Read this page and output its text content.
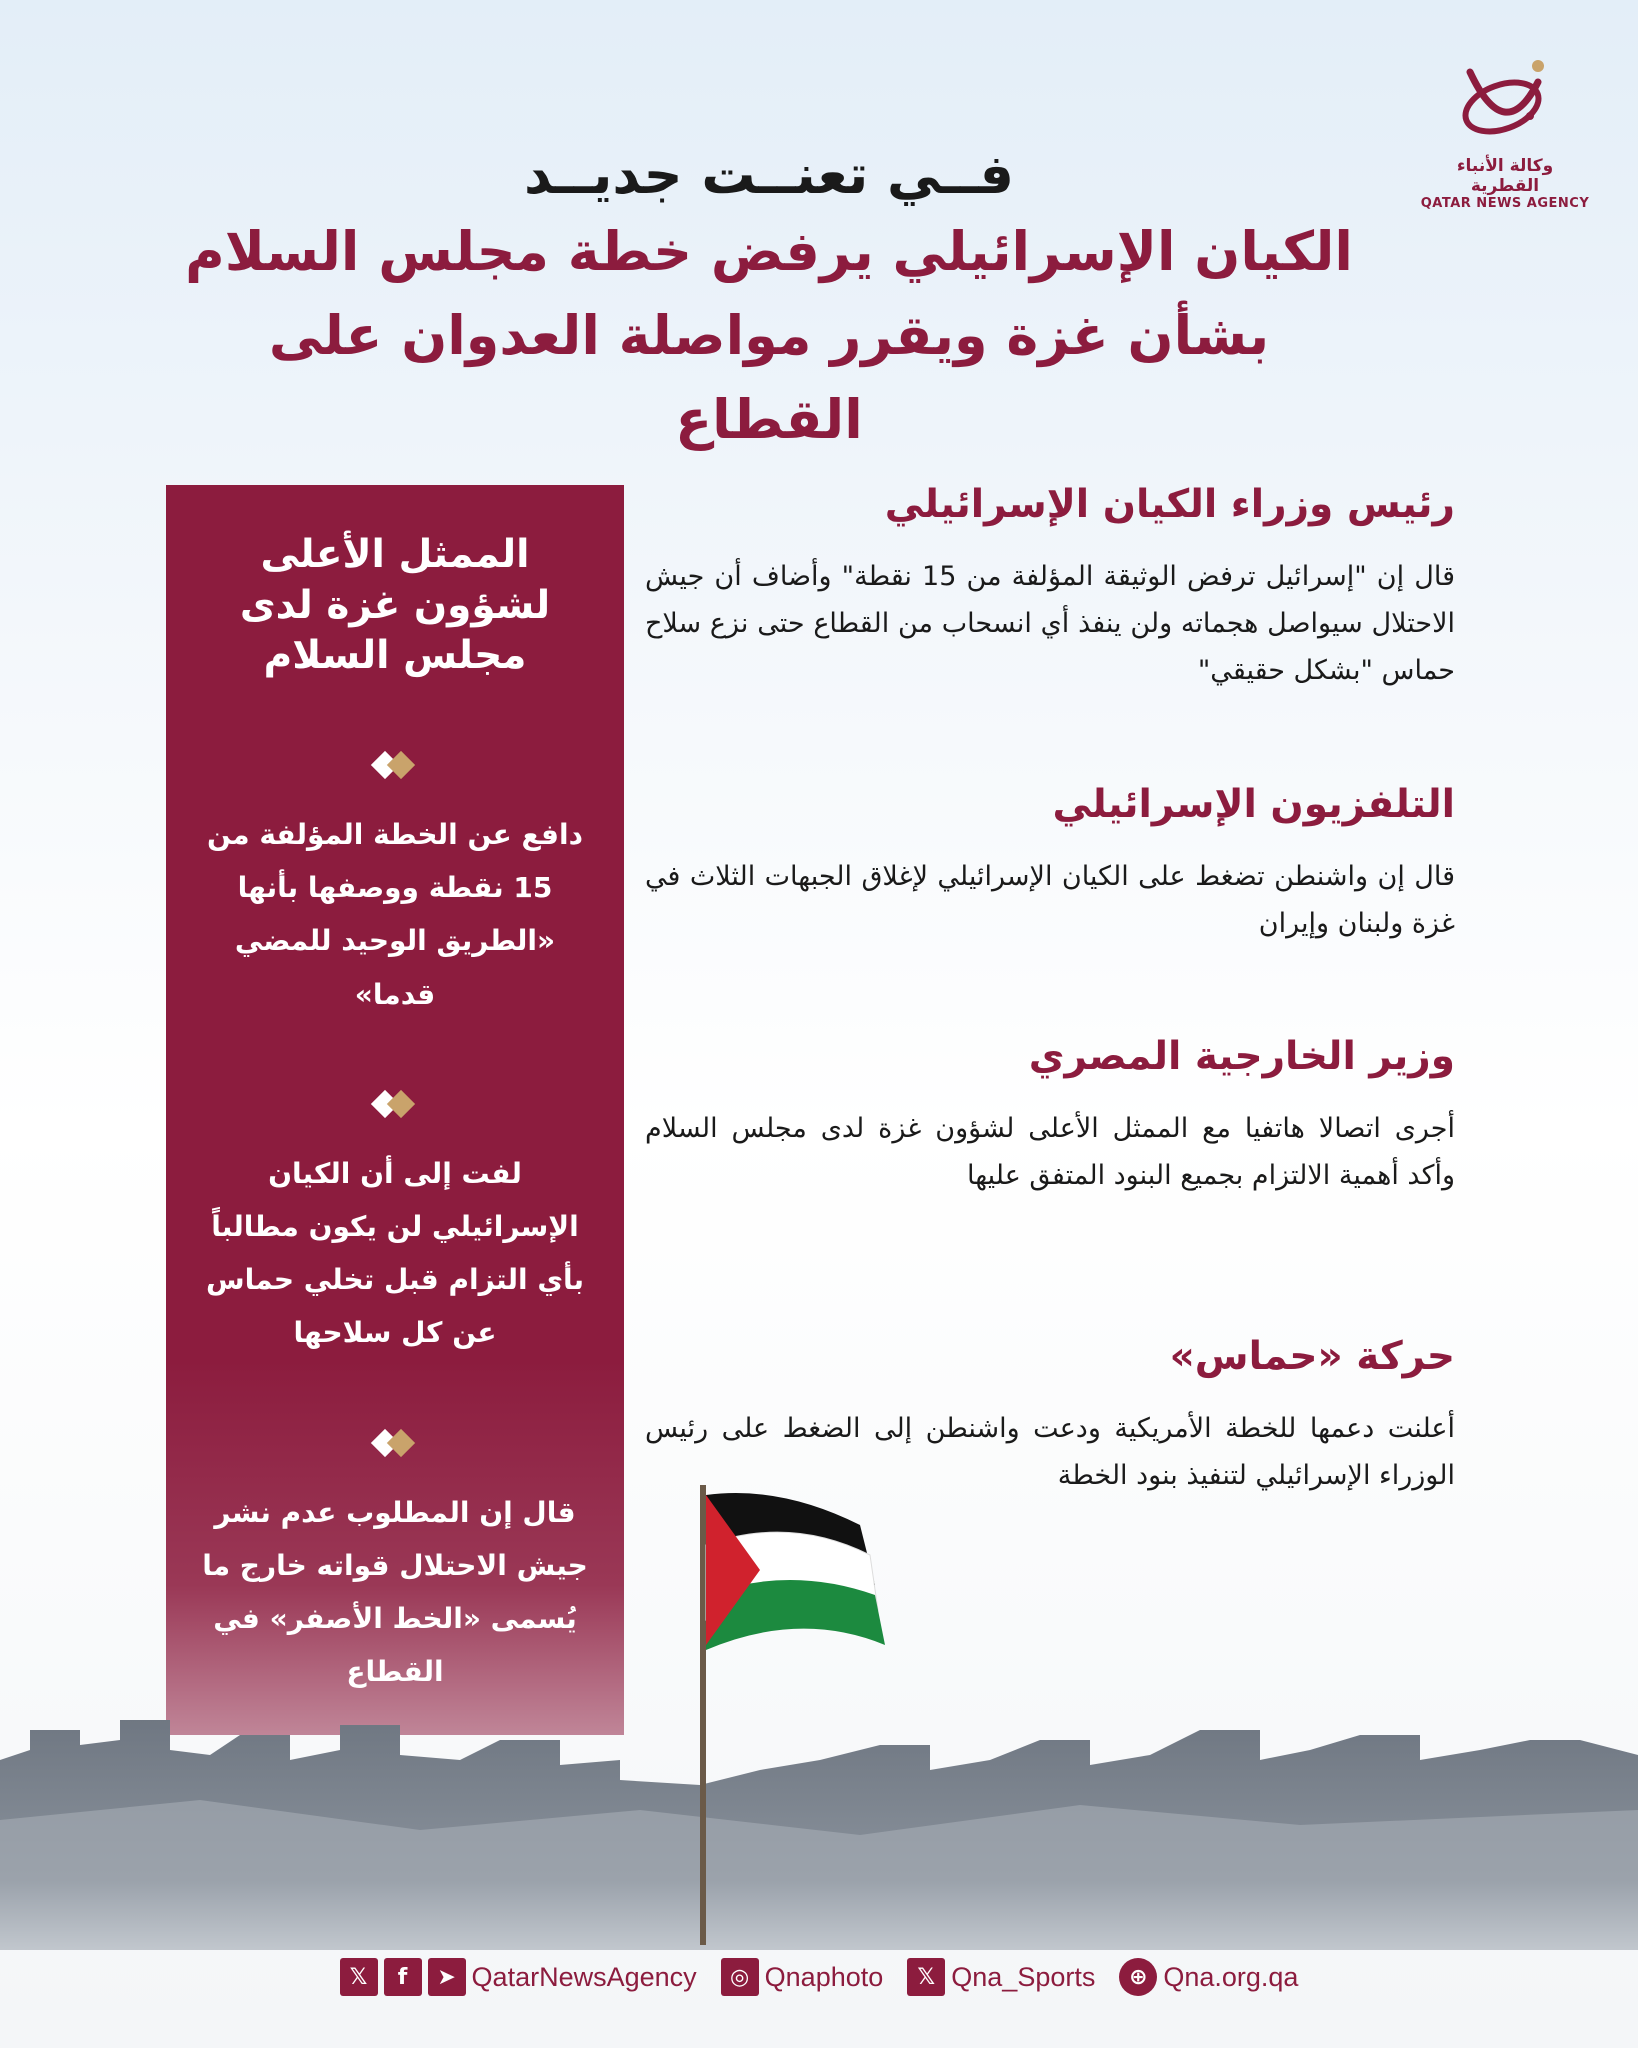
وكالة الأنباء القطرية
QATAR NEWS AGENCY
فــي تعنــت جديــد
الكيان الإسرائيلي يرفض خطة مجلس السلام
بشأن غزة ويقرر مواصلة العدوان على القطاع
رئيس وزراء الكيان الإسرائيلي

قال إن "إسرائيل ترفض الوثيقة المؤلفة من 15 نقطة" وأضاف أن جيش الاحتلال سيواصل هجماته ولن ينفذ أي انسحاب من القطاع حتى نزع سلاح حماس "بشكل حقيقي"

التلفزيون الإسرائيلي

قال إن واشنطن تضغط على الكيان الإسرائيلي لإغلاق الجبهات الثلاث في غزة ولبنان وإيران

وزير الخارجية المصري

أجرى اتصالا هاتفيا مع الممثل الأعلى لشؤون غزة لدى مجلس السلام وأكد أهمية الالتزام بجميع البنود المتفق عليها

حركة «حماس»

أعلنت دعمها للخطة الأمريكية ودعت واشنطن إلى الضغط على رئيس الوزراء الإسرائيلي لتنفيذ بنود الخطة

الممثل الأعلى لشؤون غزة لدى مجلس السلام
دافع عن الخطة المؤلفة من 15 نقطة ووصفها بأنها «الطريق الوحيد للمضي قدما»
لفت إلى أن الكيان الإسرائيلي لن يكون مطالباً بأي التزام قبل تخلي حماس عن كل سلاحها
قال إن المطلوب عدم نشر جيش الاحتلال قواته خارج ما يُسمى «الخط الأصفر» في القطاع
𝕏	f	➤ QatarNewsAgency	◎ Qnaphoto	𝕏 Qna_Sports	⊕ Qna.org.qa
